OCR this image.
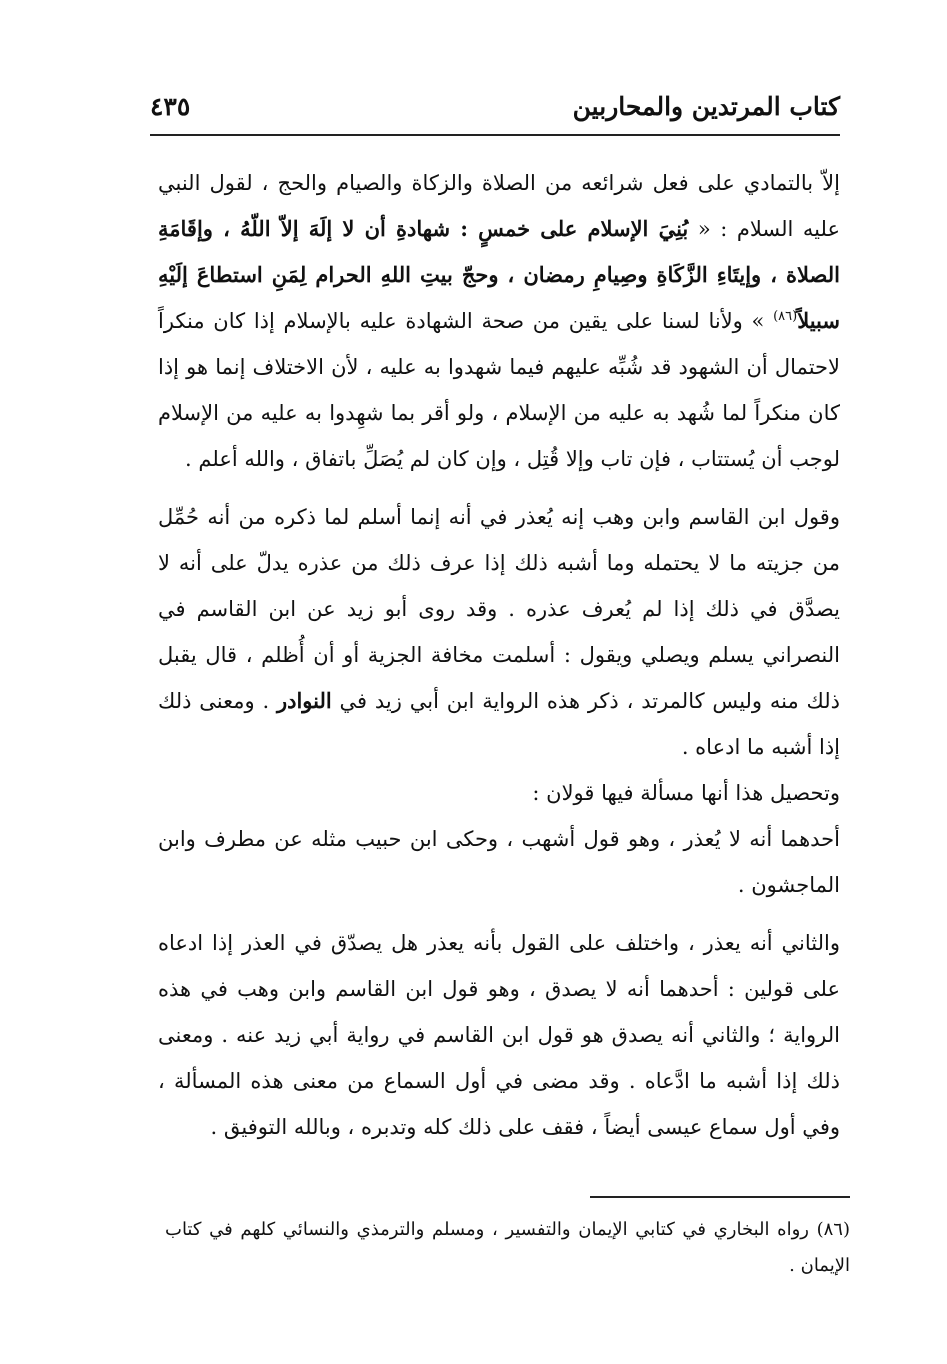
كتاب المرتدين والمحاربين
٤٣٥

إلاّ بالتمادي على فعل شرائعه من الصلاة والزكاة والصيام والحج ، لقول النبي عليه السلام : « بُنِيَ الإسلام على خمسٍ : شهادةِ أن لا إلَهَ إلاّ اللّهُ ، وإقَامَةِ الصلاة ، وإيتَاءِ الزَّكَاةِ وصِيامِ رمضان ، وحجّ بيتِ اللهِ الحرام لِمَنِ استطاعَ إلَيْهِ سبيلاً$^{(٨٦)}$ » ولأنا لسنا على يقين من صحة الشهادة عليه بالإسلام إذا كان منكراً لاحتمال أن الشهود قد شُبِّه عليهم فيما شهدوا به عليه ، لأن الاختلاف إنما هو إذا كان منكراً لما شُهد به عليه من الإسلام ، ولو أقر بما شهِدوا به عليه من الإسلام لوجب أن يُستتاب ، فإن تاب وإلا قُتِل ، وإن كان لم يُصَلِّ باتفاق ، والله أعلم .

وقول ابن القاسم وابن وهب إنه يُعذر في أنه إنما أسلم لما ذكره من أنه حُمِّل من جزيته ما لا يحتمله وما أشبه ذلك إذا عرف ذلك من عذره يدلّ على أنه لا يصدَّق في ذلك إذا لم يُعرف عذره . وقد روى أبو زيد عن ابن القاسم في النصراني يسلم ويصلي ويقول : أسلمت مخافة الجزية أو أن أُظلم ، قال يقبل ذلك منه وليس كالمرتد ، ذكر هذه الرواية ابن أبي زيد في النوادر . ومعنى ذلك إذا أشبه ما ادعاه .

وتحصيل هذا أنها مسألة فيها قولان :

أحدهما أنه لا يُعذر ، وهو قول أشهب ، وحكى ابن حبيب مثله عن مطرف وابن الماجشون .

والثاني أنه يعذر ، واختلف على القول بأنه يعذر هل يصدّق في العذر إذا ادعاه على قولين : أحدهما أنه لا يصدق ، وهو قول ابن القاسم وابن وهب في هذه الرواية ؛ والثاني أنه يصدق هو قول ابن القاسم في رواية أبي زيد عنه . ومعنى ذلك إذا أشبه ما ادَّعاه . وقد مضى في أول السماع من معنى هذه المسألة ، وفي أول سماع عيسى أيضاً ، فقف على ذلك كله وتدبره ، وبالله التوفيق .

(٨٦) رواه البخاري في كتابي الإيمان والتفسير ، ومسلم والترمذي والنسائي كلهم في كتاب الإيمان .
